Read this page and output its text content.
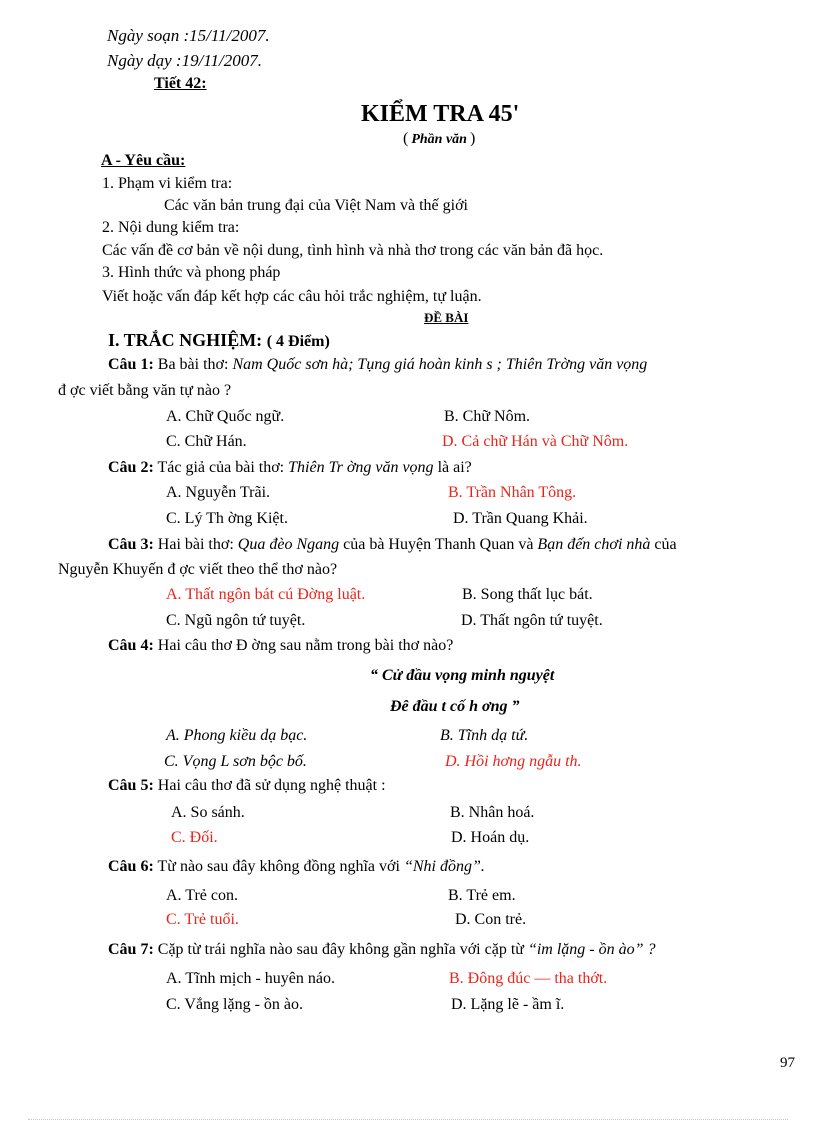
Ngày soạn :15/11/2007.
Ngày dạy :19/11/2007.
Tiết 42:
KIỂM TRA 45'
( Phần văn )
A - Yêu cầu:
1. Phạm vi kiểm tra:
Các văn bản trung đại của Việt Nam và thế giới
2. Nội dung kiểm tra:
Các vấn đề cơ bản về nội dung, tình hình và nhà thơ trong các văn bản đã học.
3. Hình thức và phong pháp
Viết hoặc vấn đáp kết hợp các câu hỏi trắc nghiệm, tự luận.
ĐỀ BÀI
I. TRẮC NGHIỆM: ( 4 Điểm)
Câu 1: Ba bài thơ: Nam Quốc sơn hà; Tụng giá hoàn kinh s ; Thiên Trờng văn vọng
đ ợc viết bằng văn tự nào ?
A. Chữ Quốc ngữ.	B. Chữ Nôm.
C. Chữ Hán.	D. Cả chữ Hán và Chữ Nôm.
Câu 2: Tác giả của bài thơ: Thiên Tr ờng văn vọng là ai?
A. Nguyễn Trãi.	B. Trần Nhân Tông.
C. Lý Th ờng Kiệt.	D. Trần Quang Khải.
Câu 3: Hai bài thơ: Qua đèo Ngang của bà Huyện Thanh Quan và Bạn đến chơi nhà của
Nguyễn Khuyến đ ợc viết theo thể thơ nào?
A. Thất ngôn bát cú Đờng luật.	B. Song thất lục bát.
C. Ngũ ngôn tứ tuyệt.	D. Thất ngôn tứ tuyệt.
Câu 4: Hai câu thơ Đ ờng sau nằm trong bài thơ nào?
“ Cử đầu vọng minh nguyệt
Đê đầu t cố h ơng ”
A. Phong kiều dạ bạc.	B. Tĩnh dạ tứ.
C. Vọng L sơn bộc bố.	D. Hồi hơng ngẫu th.
Câu 5: Hai câu thơ đã sử dụng nghệ thuật :
A. So sánh.	B. Nhân hoá.
C. Đối.	D. Hoán dụ.
Câu 6: Từ nào sau đây không đồng nghĩa với “Nhi đồng”.
A. Trẻ con.	B. Trẻ em.
C. Trẻ tuổi.	D. Con trẻ.
Câu 7: Cặp từ trái nghĩa nào sau đây không gần nghĩa với cặp từ “im lặng - ồn ào” ?
A. Tĩnh mịch - huyên náo.	B. Đông đúc — tha thớt.
C. Vắng lặng - ồn ào.	D. Lặng lẽ - ầm ĩ.
97
